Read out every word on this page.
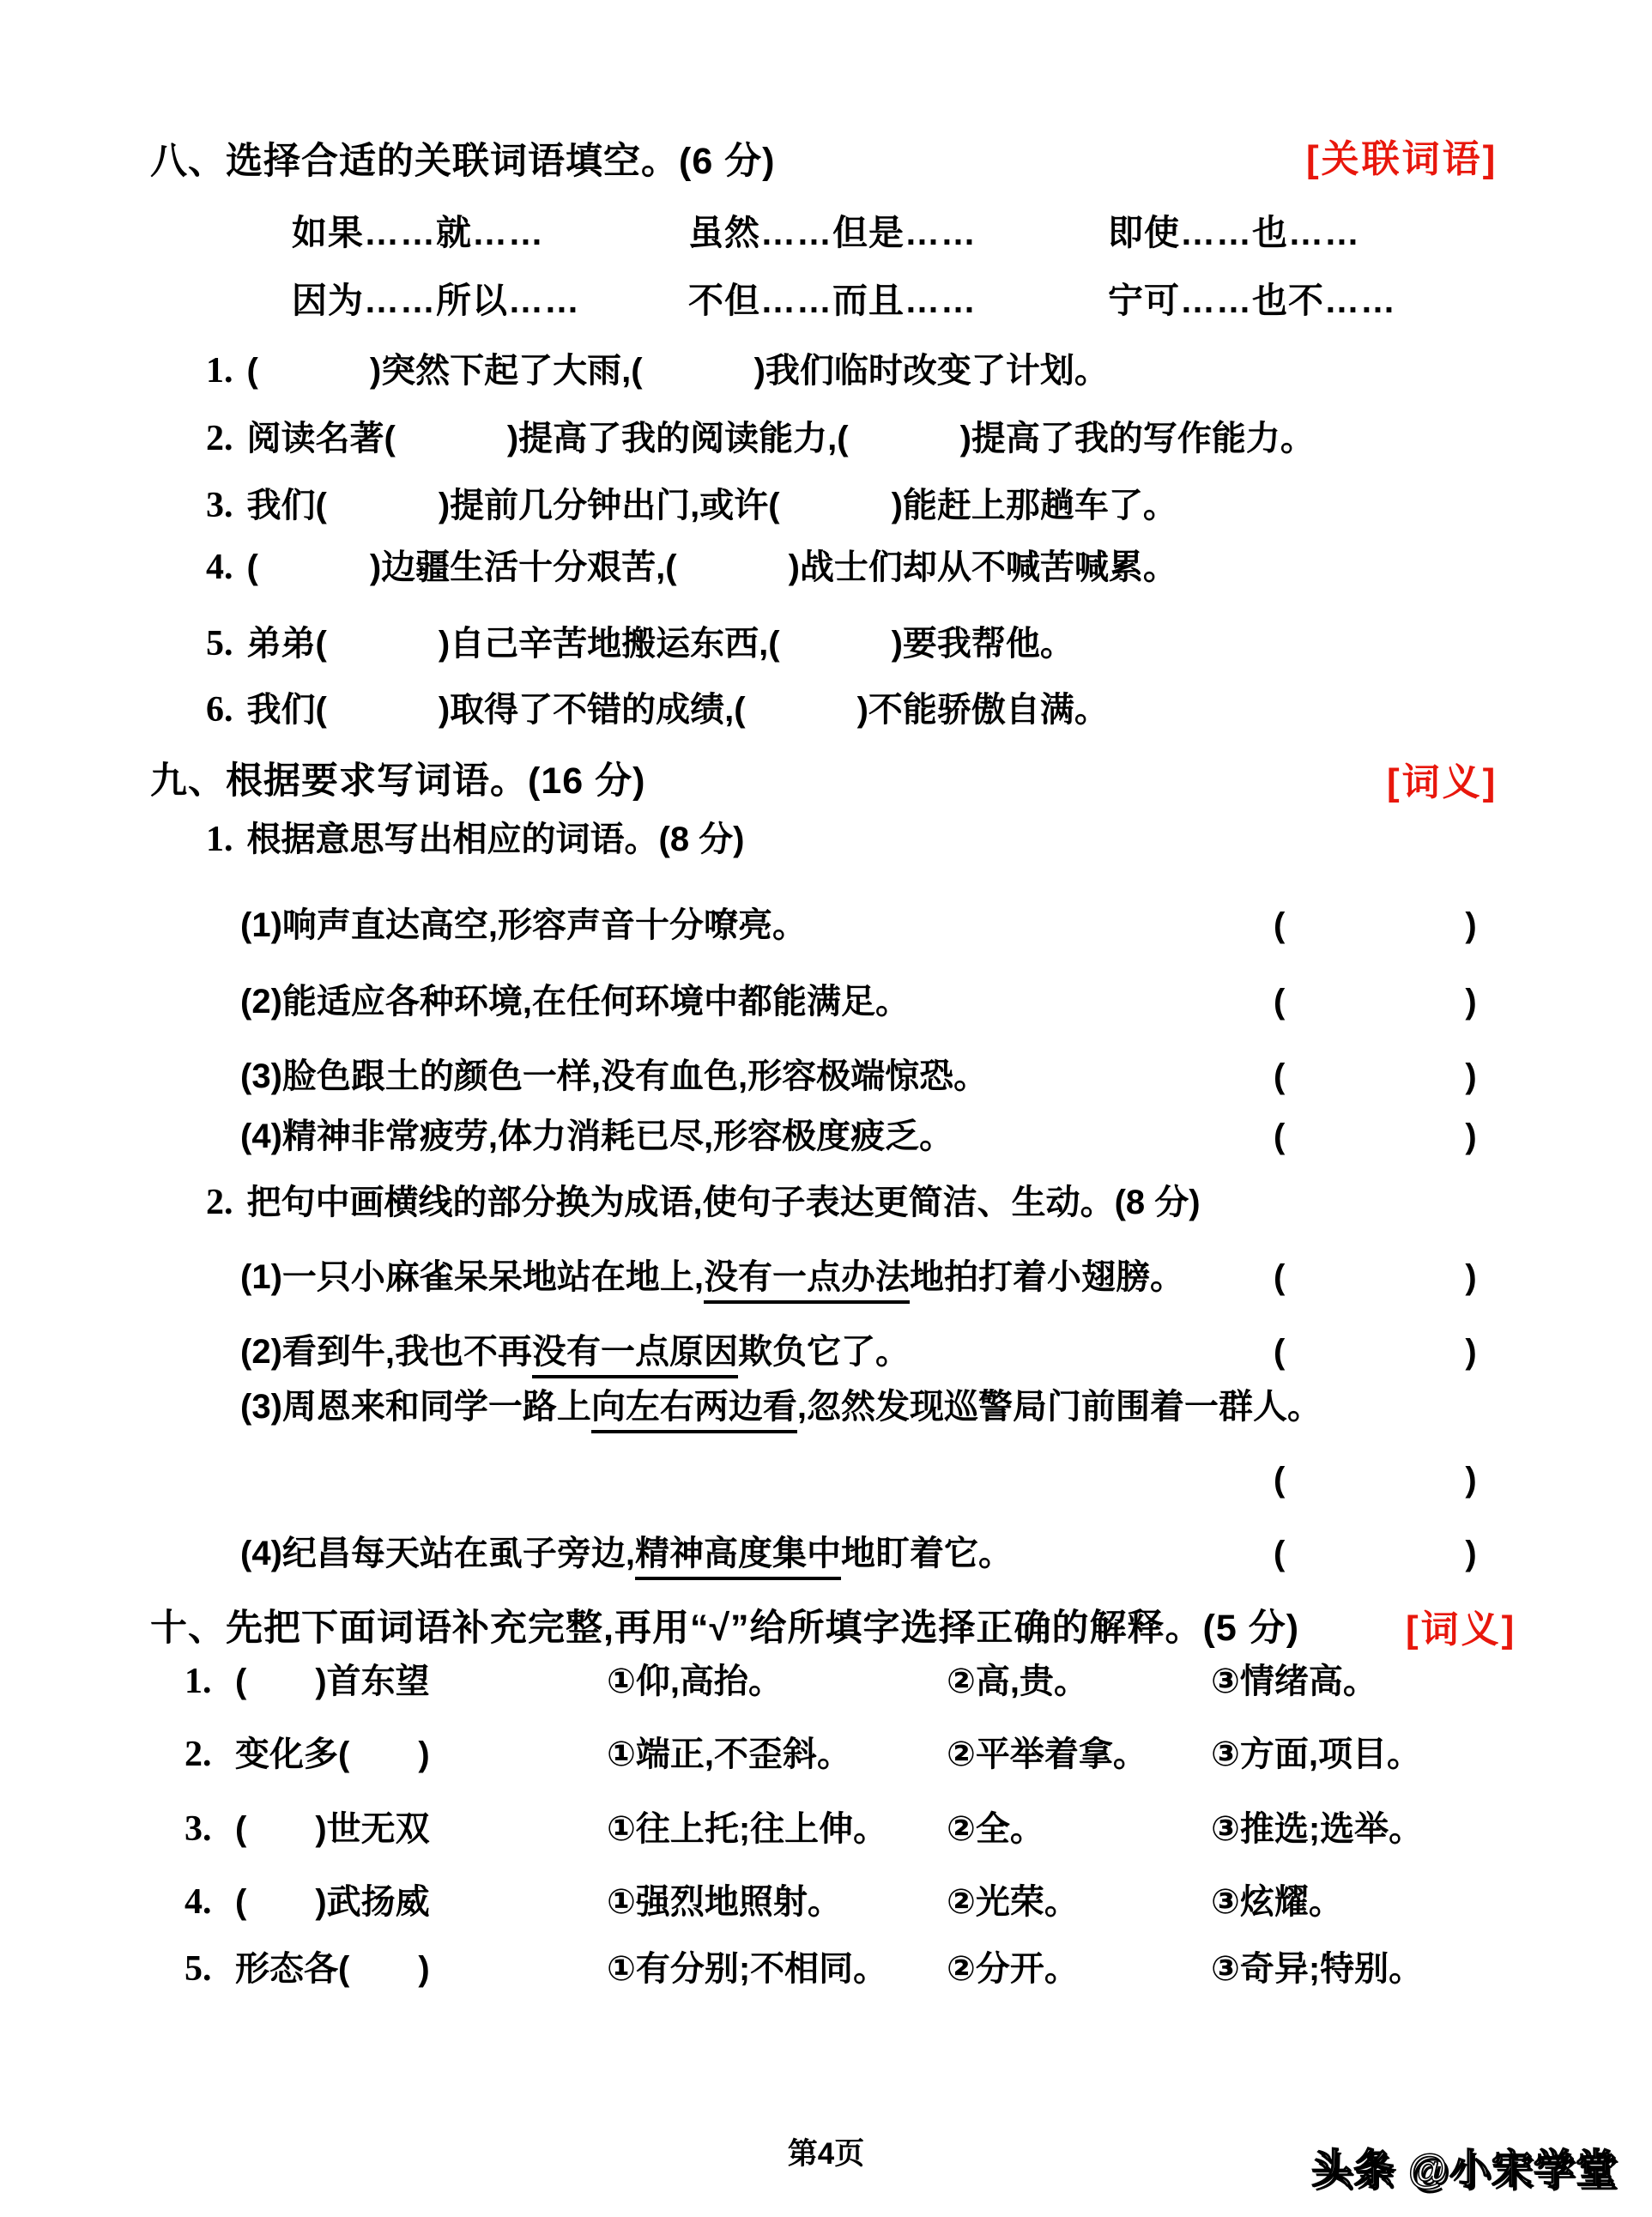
八、选择合适的关联词语填空。(6 分)	[关联词语]
如果……就……	虽然……但是……	即使……也……
因为……所以……	不但……而且……	宁可……也不……
1. (	)突然下起了大雨,(	)我们临时改变了计划。
2. 阅读名著(	)提高了我的阅读能力,(	)提高了我的写作能力。
3. 我们(	)提前几分钟出门,或许(	)能赶上那趟车了。
4. (	)边疆生活十分艰苦,(	)战士们却从不喊苦喊累。
5. 弟弟(	)自己辛苦地搬运东西,(	)要我帮他。
6. 我们(	)取得了不错的成绩,(	)不能骄傲自满。
九、根据要求写词语。(16 分)	[词义]
1. 根据意思写出相应的词语。(8 分)
(1)响声直达高空,形容声音十分嘹亮。	(	)
(2)能适应各种环境,在任何环境中都能满足。	(	)
(3)脸色跟土的颜色一样,没有血色,形容极端惊恐。	(	)
(4)精神非常疲劳,体力消耗已尽,形容极度疲乏。	(	)
2. 把句中画横线的部分换为成语,使句子表达更简洁、生动。(8 分)
(1)一只小麻雀呆呆地站在地上,没有一点办法地拍打着小翅膀。	(	)
(2)看到牛,我也不再没有一点原因欺负它了。	(	)
(3)周恩来和同学一路上向左右两边看,忽然发现巡警局门前围着一群人。
(	)
(4)纪昌每天站在虱子旁边,精神高度集中地盯着它。	(	)
十、先把下面词语补充完整,再用“√”给所填字选择正确的解释。(5 分)	[词义]
1. ( )首东望	①仰,高抬。	②高,贵。	③情绪高。
2. 变化多( )	①端正,不歪斜。	②平举着拿。 ③方面,项目。
3. ( )世无双	①往上托;往上伸。 ②全。	③推选;选举。
4. ( )武扬威	①强烈地照射。	②光荣。	③炫耀。
5. 形态各( )	①有分别;不相同。 ②分开。	③奇异;特别。
第4页	头条 @小宋学堂
